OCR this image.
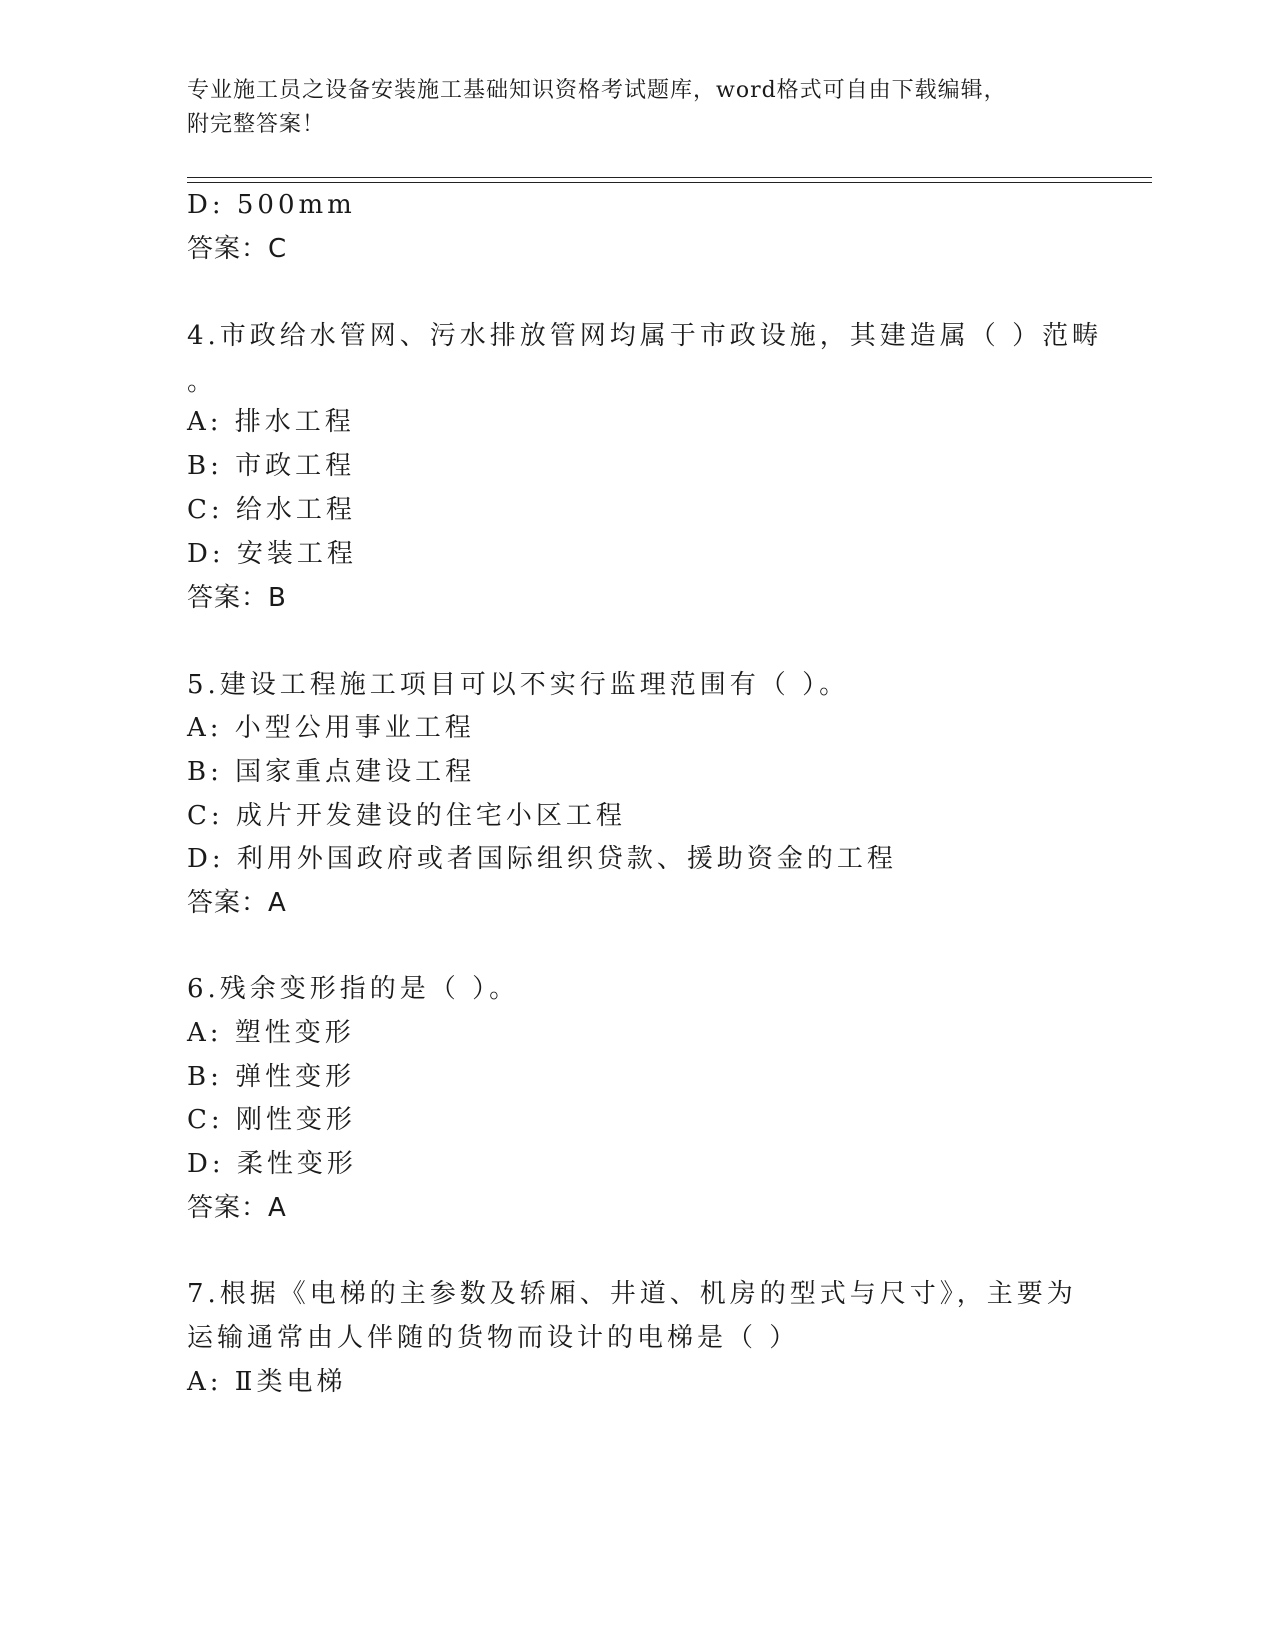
专业施工员之设备安装施工基础知识资格考试题库，word格式可自由下载编辑，
附完整答案！
D: 500mm
答案：C
4.市政给水管网、污水排放管网均属于市政设施，其建造属（ ）范畴
。
A: 排水工程
B: 市政工程
C: 给水工程
D: 安装工程
答案：B
5.建设工程施工项目可以不实行监理范围有（ ）。
A: 小型公用事业工程
B: 国家重点建设工程
C: 成片开发建设的住宅小区工程
D: 利用外国政府或者国际组织贷款、援助资金的工程
答案：A
6.残余变形指的是（ ）。
A: 塑性变形
B: 弹性变形
C: 刚性变形
D: 柔性变形
答案：A
7.根据《电梯的主参数及轿厢、井道、机房的型式与尺寸》，主要为
运输通常由人伴随的货物而设计的电梯是（ ）
A: Ⅱ类电梯
